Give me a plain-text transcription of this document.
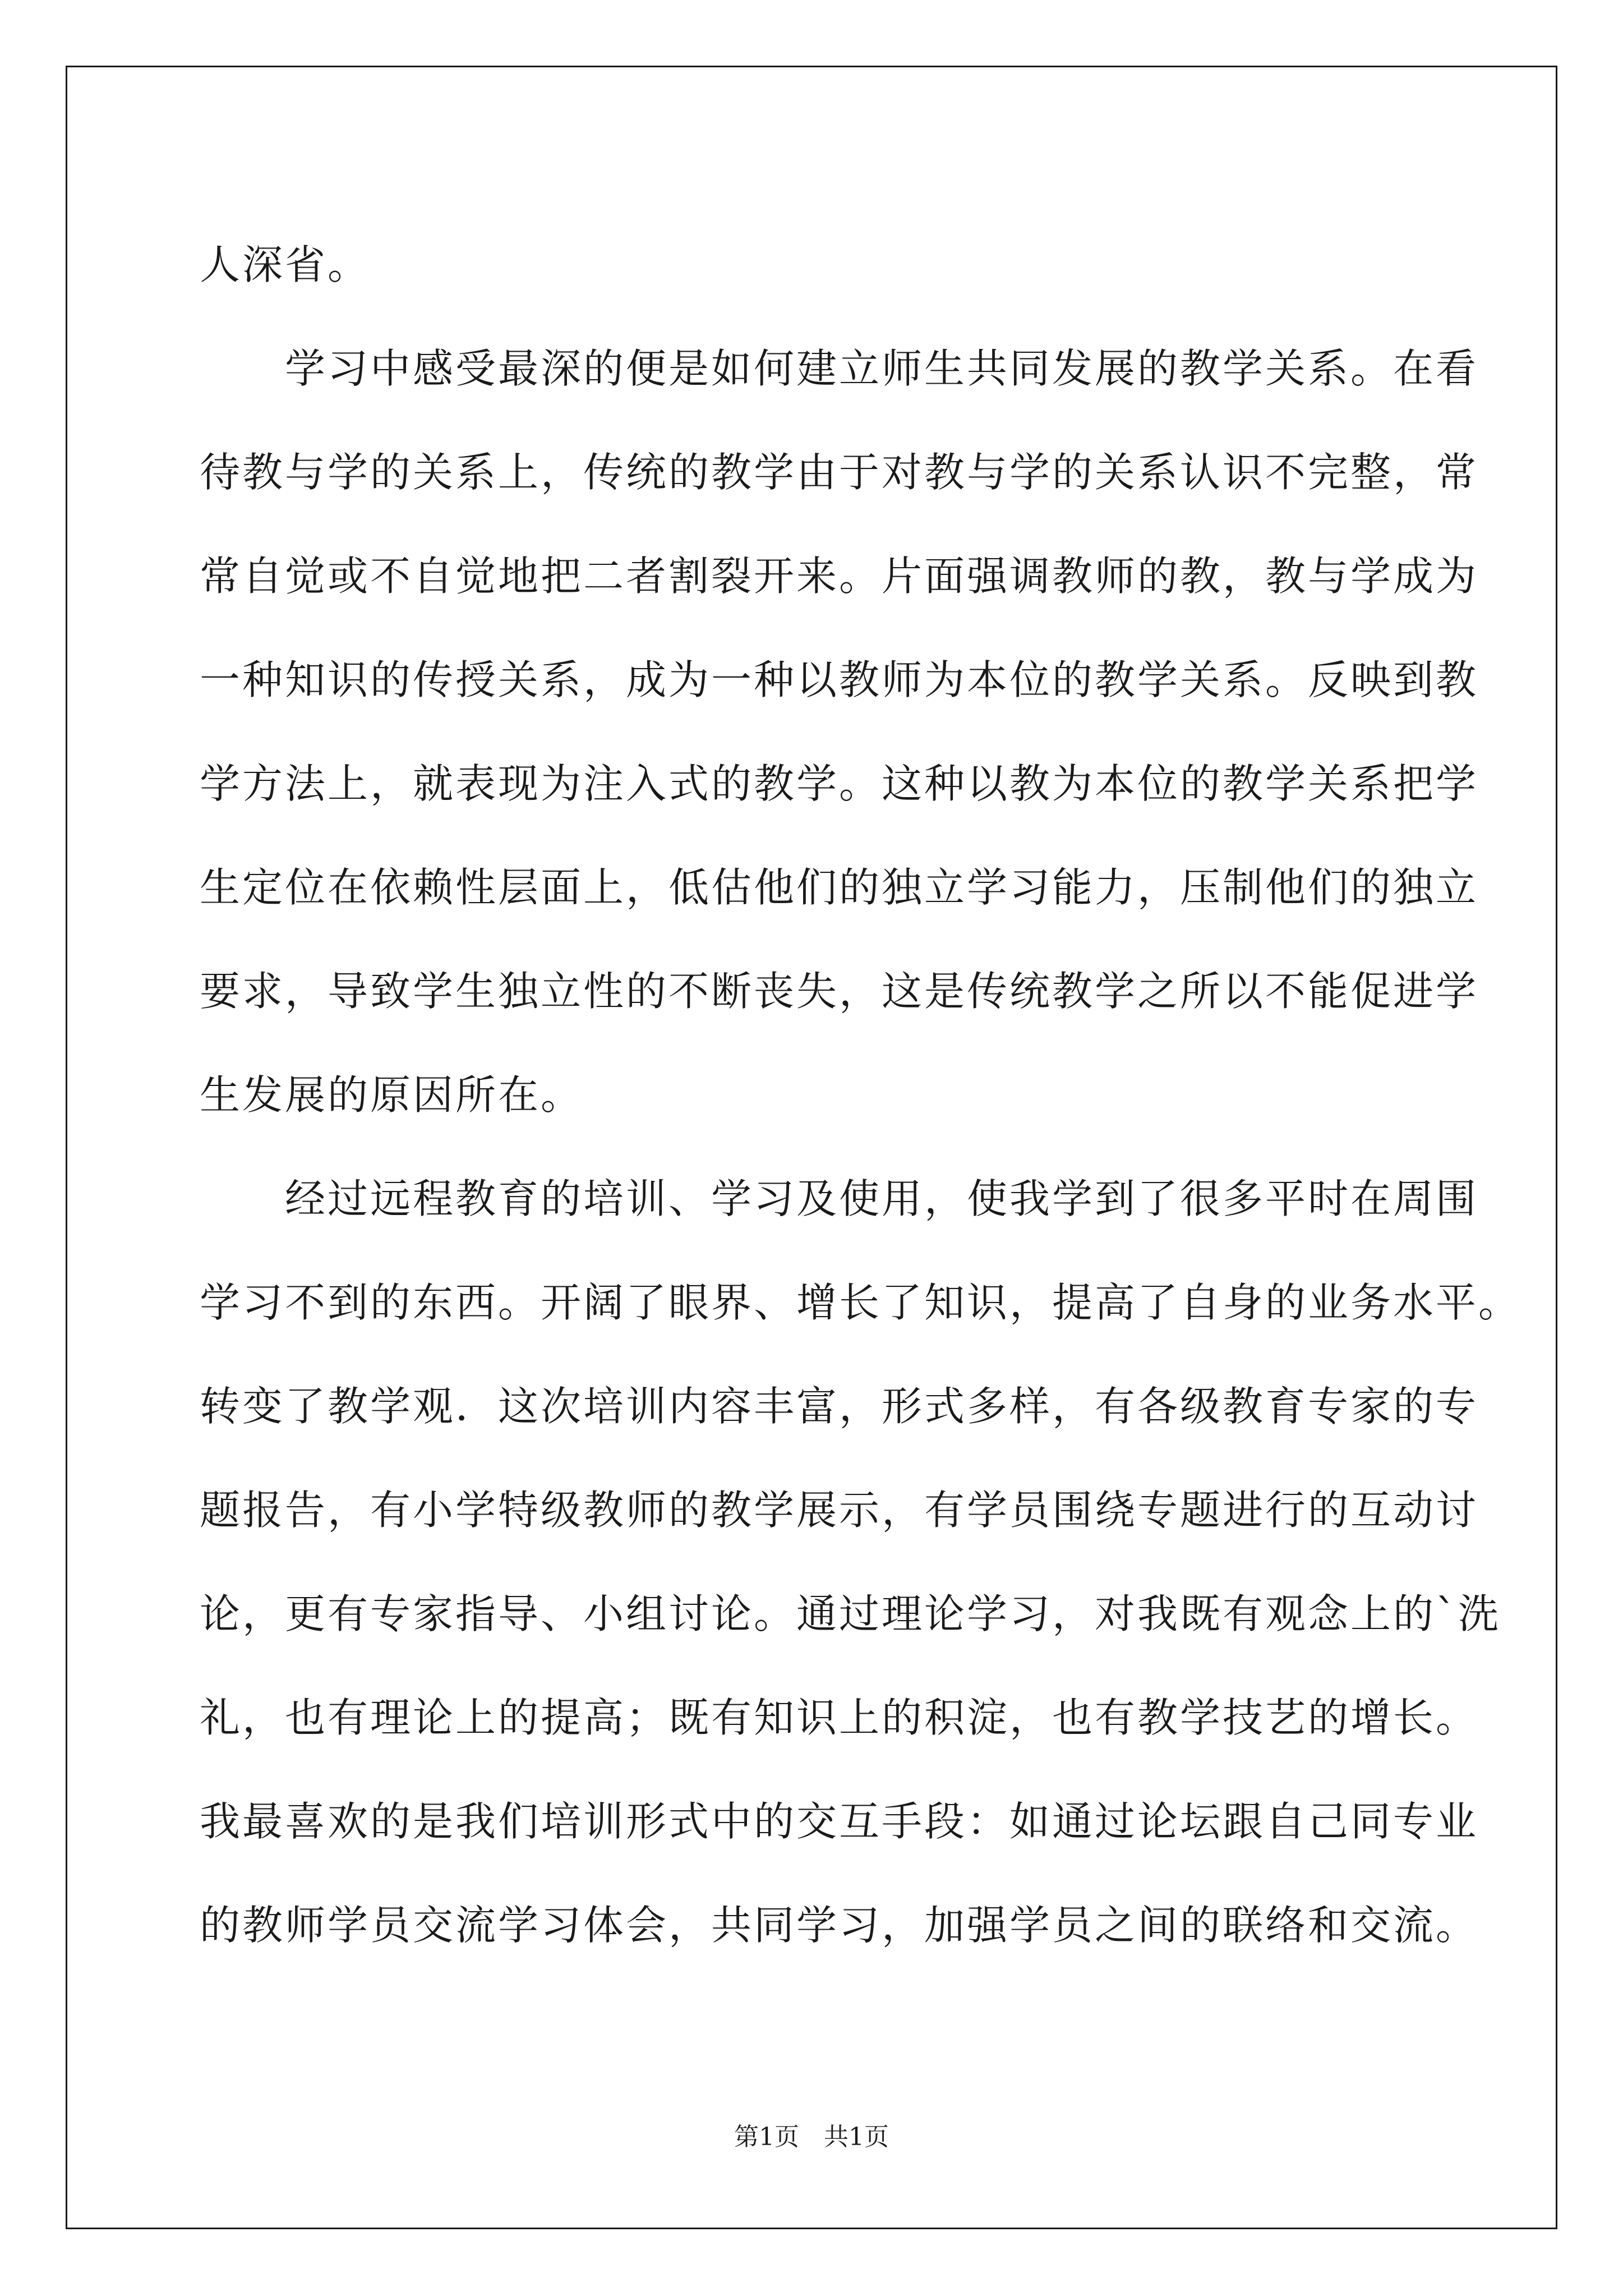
人深省。
　　学习中感受最深的便是如何建立师生共同发展的教学关系。在看
待教与学的关系上，传统的教学由于对教与学的关系认识不完整，常
常自觉或不自觉地把二者割裂开来。片面强调教师的教，教与学成为
一种知识的传授关系，成为一种以教师为本位的教学关系。反映到教
学方法上，就表现为注入式的教学。这种以教为本位的教学关系把学
生定位在依赖性层面上，低估他们的独立学习能力，压制他们的独立
要求，导致学生独立性的不断丧失，这是传统教学之所以不能促进学
生发展的原因所在。
　　经过远程教育的培训、学习及使用，使我学到了很多平时在周围
学习不到的东西。开阔了眼界、增长了知识，提高了自身的业务水平。
转变了教学观．这次培训内容丰富，形式多样，有各级教育专家的专
题报告，有小学特级教师的教学展示，有学员围绕专题进行的互动讨
论，更有专家指导、小组讨论。通过理论学习，对我既有观念上的`洗
礼，也有理论上的提高；既有知识上的积淀，也有教学技艺的增长。
我最喜欢的是我们培训形式中的交互手段：如通过论坛跟自己同专业
的教师学员交流学习体会，共同学习，加强学员之间的联络和交流。
第1页　共1页
